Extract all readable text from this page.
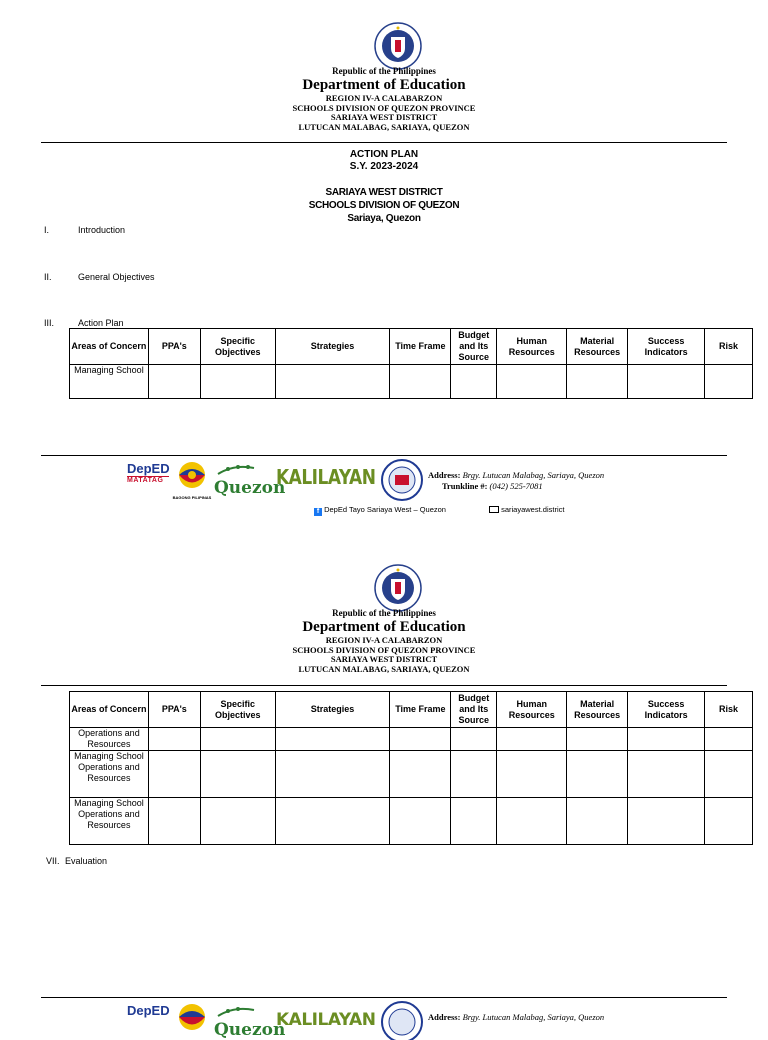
Republic of the Philippines
Department of Education
REGION IV-A CALABARZON
SCHOOLS DIVISION OF QUEZON PROVINCE
SARIAYA WEST DISTRICT
LUTUCAN MALABAG, SARIAYA, QUEZON
ACTION PLAN
S.Y. 2023-2024
SARIAYA WEST DISTRICT
SCHOOLS DIVISION OF QUEZON
Sariaya, Quezon
I.	Introduction
II.	General Objectives
III.	Action Plan
Areas of Concern	PPA's	Specific Objectives	Strategies	Time Frame	Budget and Its Source	Human Resources	Material Resources	Success Indicators	Risk
Managing School									
DepED
MATATAG
BAGONG PILIPINAS Quezon
KALILAYAN	Address: Brgy. Lutucan Malabag, Sariaya, Quezon
Trunkline #: (042) 525-7081
f DepEd Tayo Sariaya West – Quezon	sariayawest.district
Republic of the Philippines
Department of Education
REGION IV-A CALABARZON
SCHOOLS DIVISION OF QUEZON PROVINCE
SARIAYA WEST DISTRICT
LUTUCAN MALABAG, SARIAYA, QUEZON
Areas of Concern	PPA's	Specific Objectives	Strategies	Time Frame	Budget and Its Source	Human Resources	Material Resources	Success Indicators	Risk
Operations and Resources									
Managing School Operations and Resources									
Managing School Operations and Resources									
VII. Evaluation
DepED
Quezon
KALILAYAN	Address: Brgy. Lutucan Malabag, Sariaya, Quezon
